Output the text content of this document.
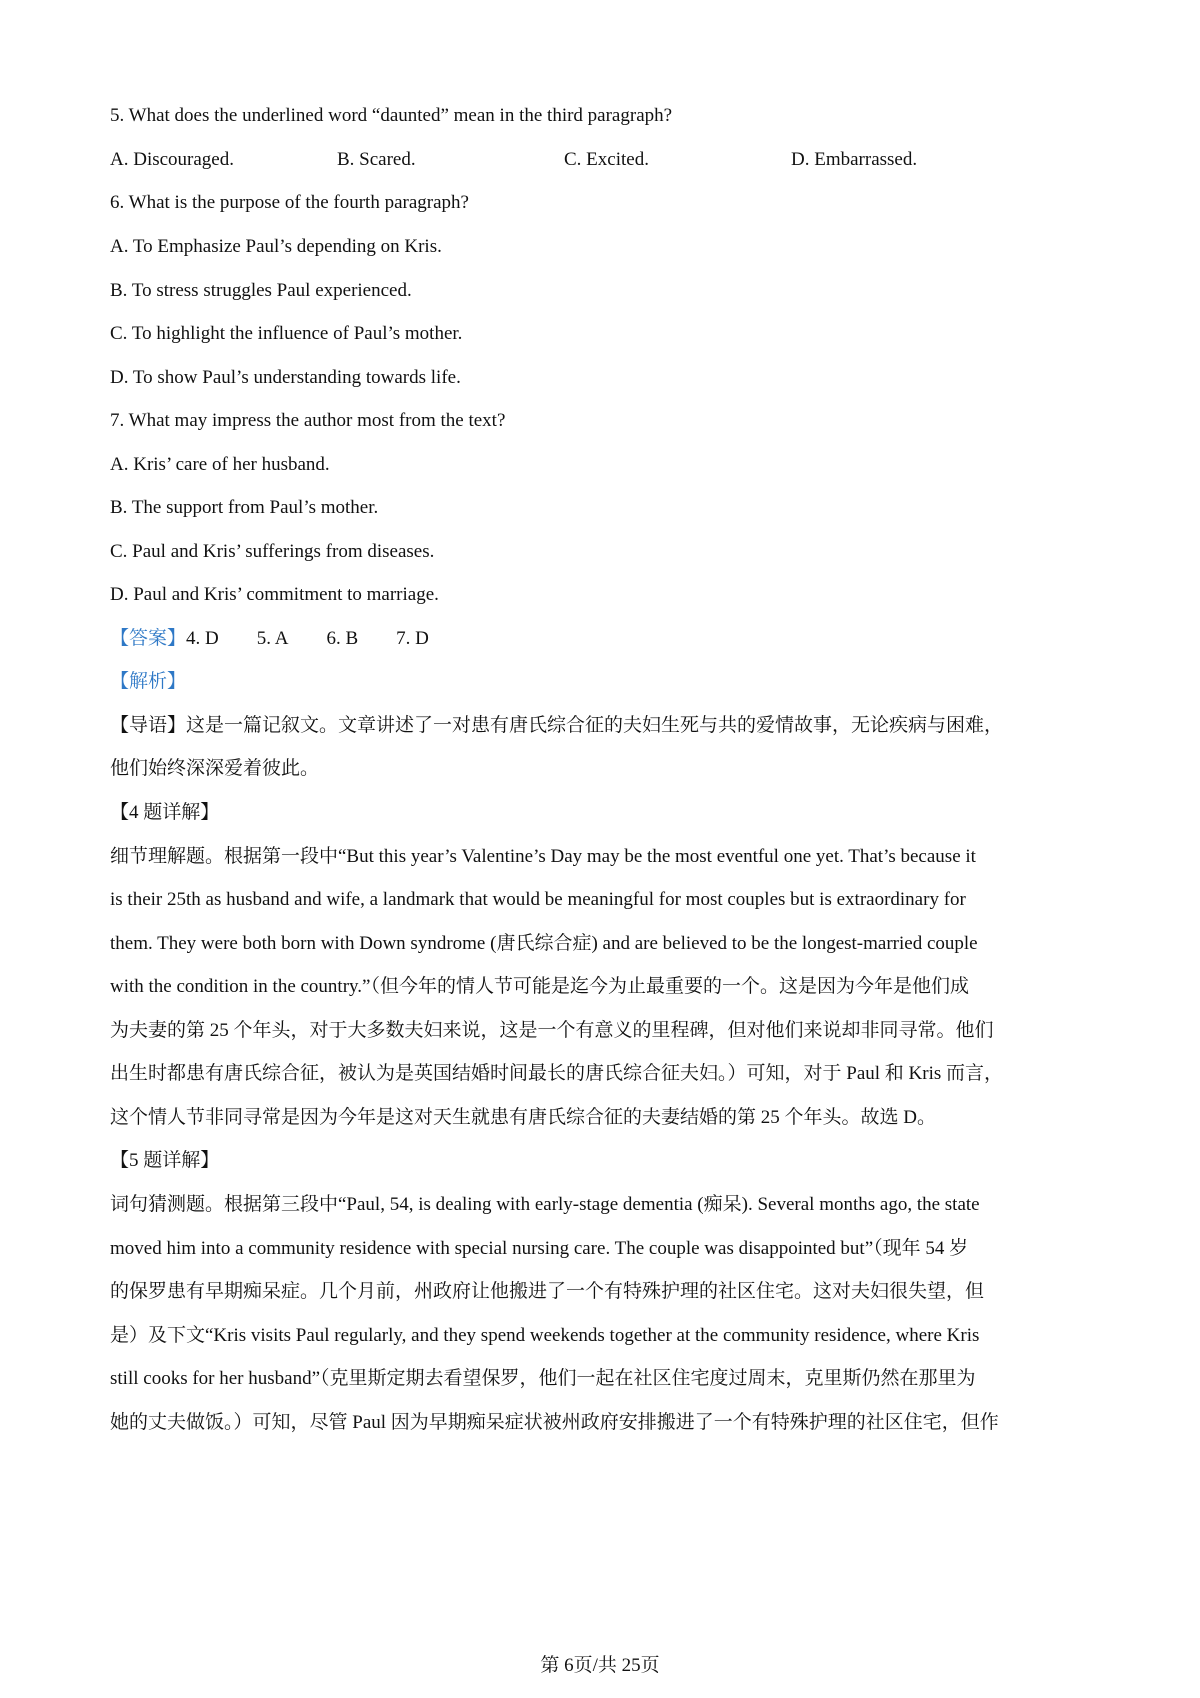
5. What does the underlined word “daunted” mean in the third paragraph?
A. Discouraged.	B. Scared.	C. Excited.	D. Embarrassed.
6. What is the purpose of the fourth paragraph?
A. To Emphasize Paul’s depending on Kris.
B. To stress struggles Paul experienced.
C. To highlight the influence of Paul’s mother.
D. To show Paul’s understanding towards life.
7. What may impress the author most from the text?
A. Kris’ care of her husband.
B. The support from Paul’s mother.
C. Paul and Kris’ sufferings from diseases.
D. Paul and Kris’ commitment to marriage.
【答案】4. D 5. A 6. B 7. D
【解析】
【导语】这是一篇记叙文。文章讲述了一对患有唐氏综合征的夫妇生死与共的爱情故事，无论疾病与困难，
他们始终深深爱着彼此。
【4 题详解】
细节理解题。根据第一段中“But this year’s Valentine’s Day may be the most eventful one yet. That’s because it
is their 25th as husband and wife, a landmark that would be meaningful for most couples but is extraordinary for
them. They were both born with Down syndrome (唐氏综合症) and are believed to be the longest-married couple
with the condition in the country.”（但今年的情人节可能是迄今为止最重要的一个。这是因为今年是他们成
为夫妻的第 25 个年头，对于大多数夫妇来说，这是一个有意义的里程碑，但对他们来说却非同寻常。他们
出生时都患有唐氏综合征，被认为是英国结婚时间最长的唐氏综合征夫妇。）可知，对于 Paul 和 Kris 而言，
这个情人节非同寻常是因为今年是这对天生就患有唐氏综合征的夫妻结婚的第 25 个年头。故选 D。
【5 题详解】
词句猜测题。根据第三段中“Paul, 54, is dealing with early-stage dementia (痴呆). Several months ago, the state
moved him into a community residence with special nursing care. The couple was disappointed but”（现年 54 岁
的保罗患有早期痴呆症。几个月前，州政府让他搬进了一个有特殊护理的社区住宅。这对夫妇很失望，但
是）及下文“Kris visits Paul regularly, and they spend weekends together at the community residence, where Kris
still cooks for her husband”（克里斯定期去看望保罗，他们一起在社区住宅度过周末，克里斯仍然在那里为
她的丈夫做饭。）可知，尽管 Paul 因为早期痴呆症状被州政府安排搬进了一个有特殊护理的社区住宅，但作
第 6页/共 25页
